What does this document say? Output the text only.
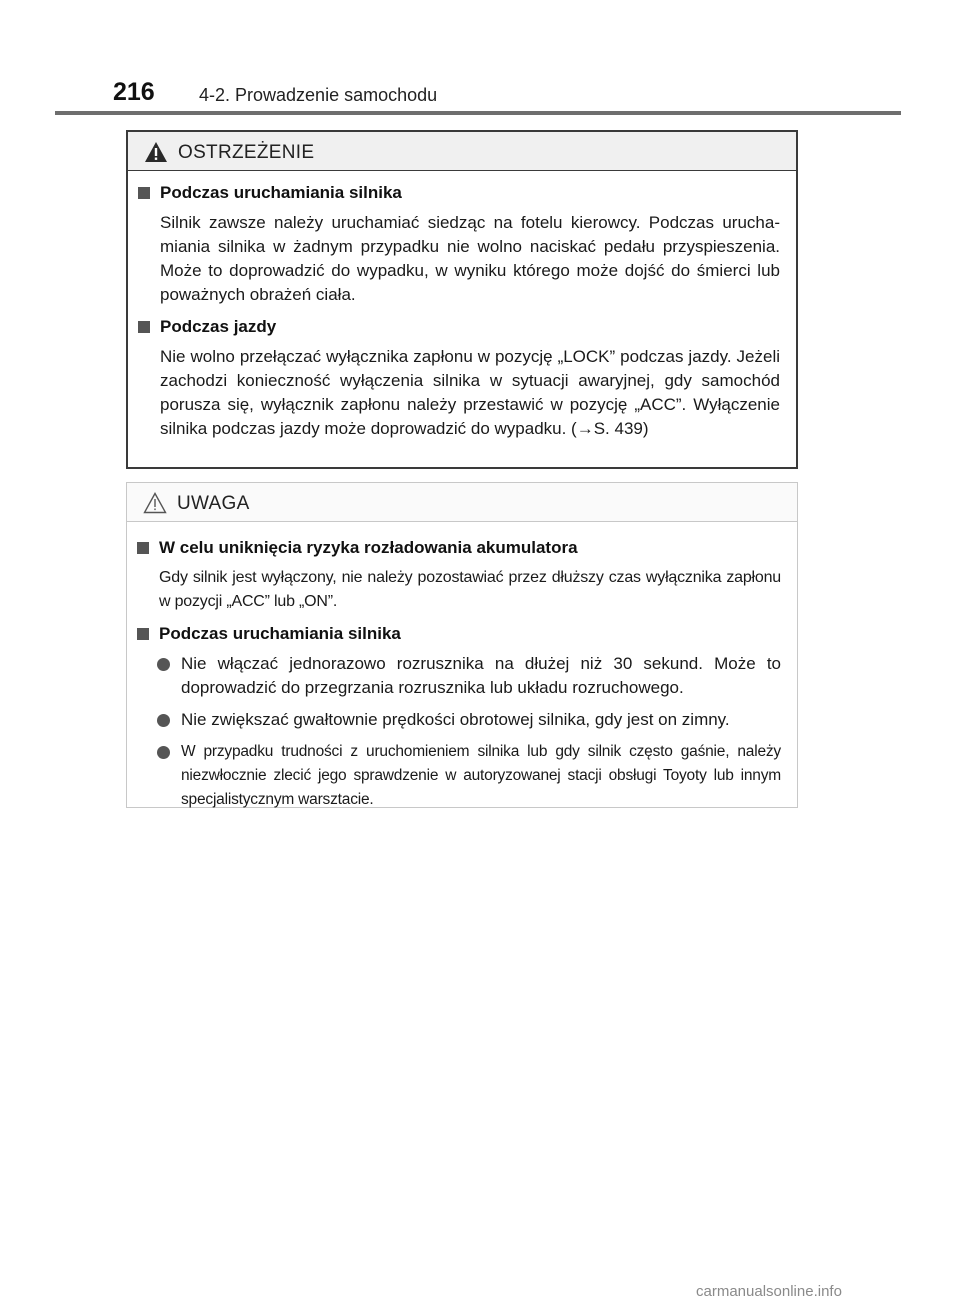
216 4-2. Prowadzenie samochodu
OSTRZEŻENIE
Podczas uruchamiania silnika
Silnik zawsze należy uruchamiać siedząc na fotelu kierowcy. Podczas uruchamiania silnika w żadnym przypadku nie wolno naciskać pedału przyspieszenia. Może to doprowadzić do wypadku, w wyniku którego może dojść do śmierci lub poważnych obrażeń ciała.
Podczas jazdy
Nie wolno przełączać wyłącznika zapłonu w pozycję „LOCK” podczas jazdy. Jeżeli zachodzi konieczność wyłączenia silnika w sytuacji awaryjnej, gdy samochód porusza się, wyłącznik zapłonu należy przestawić w pozycję „ACC”. Wyłączenie silnika podczas jazdy może doprowadzić do wypadku. (→S. 439)
UWAGA
W celu uniknięcia ryzyka rozładowania akumulatora
Gdy silnik jest wyłączony, nie należy pozostawiać przez dłuższy czas wyłącznika zapłonu w pozycji „ACC” lub „ON”.
Podczas uruchamiania silnika
Nie włączać jednorazowo rozrusznika na dłużej niż 30 sekund. Może to doprowadzić do przegrzania rozrusznika lub układu rozruchowego.
Nie zwiększać gwałtownie prędkości obrotowej silnika, gdy jest on zimny.
W przypadku trudności z uruchomieniem silnika lub gdy silnik często gaśnie, należy niezwłocznie zlecić jego sprawdzenie w autoryzowanej stacji obsługi Toyoty lub innym specjalistycznym warsztacie.
carmanualsonline.info
